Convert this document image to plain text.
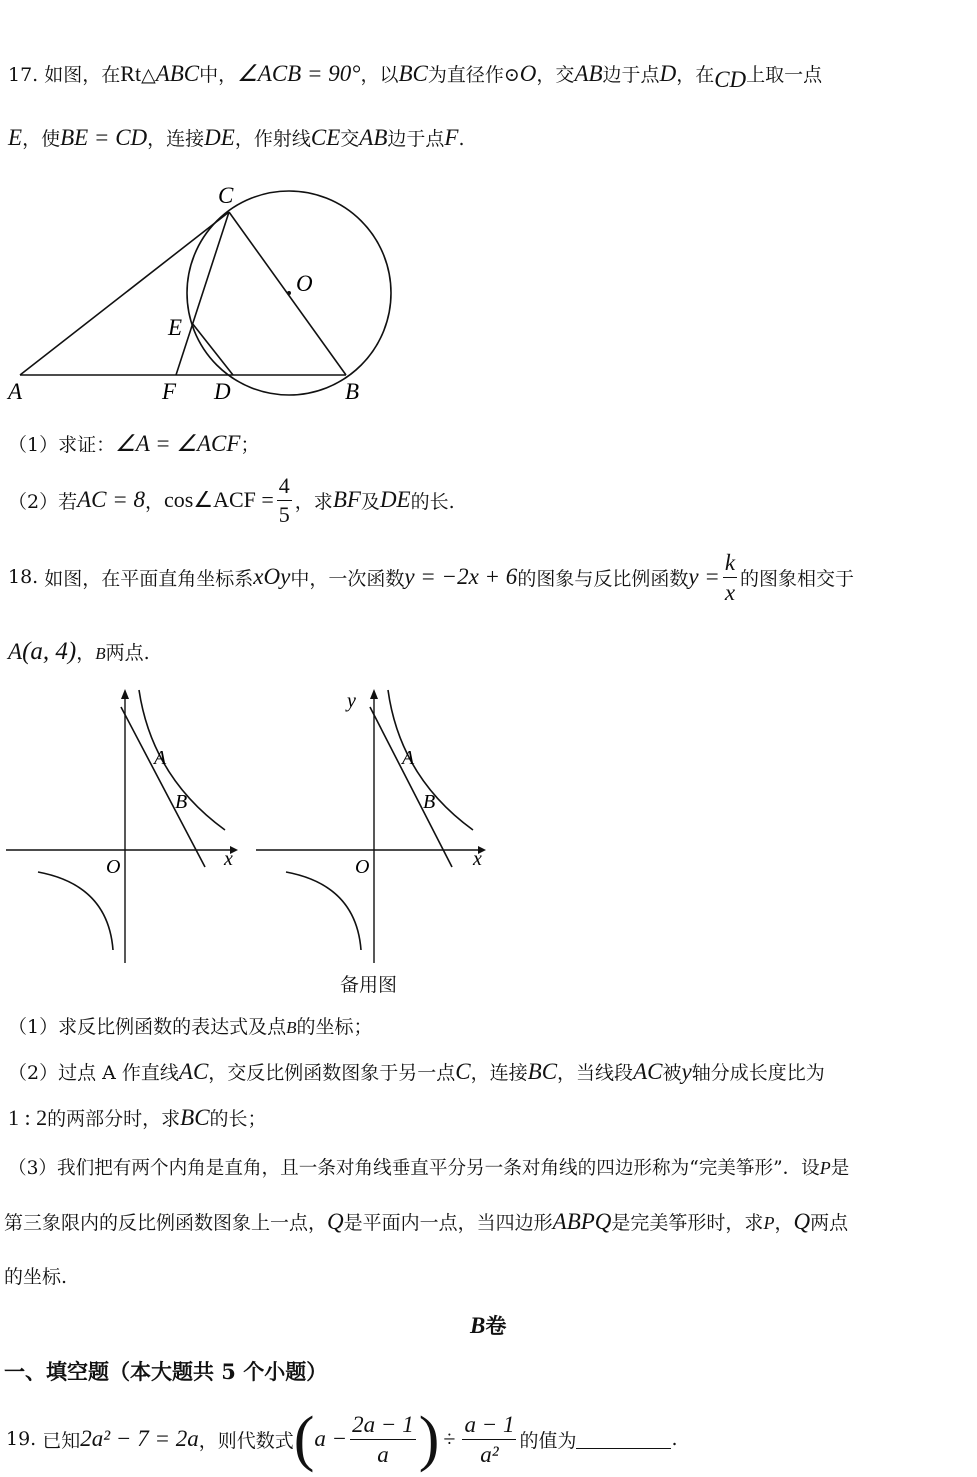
17. 如图，在Rt△ABC中，∠ACB = 90°，以BC为直径作⊙O，交AB边于点D，在CD上取一点
E，使BE = CD，连接DE，作射线CE交AB边于点F.
A	F D	B
C
E
O
（1）求证：∠A = ∠ACF；
（2）若 AC = 8 ， cos∠ACF = $\frac{4}{5}$ ，求 BF 及 DE 的长.
18.
如图，在平面直角坐标系 xOy 中，一次函数 y = −2x + 6 的图象与反比例函数 $y = \frac{k}{x}$ 的图象相交于
A(a, 4)，B两点.
A
B
O	x
y
A
B
O	x
备用图
（1）求反比例函数的表达式及点B的坐标；
（2）过点 A 作直线AC，交反比例函数图象于另一点C，连接BC，当线段AC被y轴分成长度比为
1 : 2的两部分时，求BC的长；
（3）我们把有两个内角是直角，且一条对角线垂直平分另一条对角线的四边形称为“完美筝形”．设P是
第三象限内的反比例函数图象上一点，Q是平面内一点，当四边形ABPQ是完美筝形时，求P，Q两点
的坐标.
B卷
一、填空题（本大题共 5 个小题）
19.
已知 2a² − 7 = 2a ，则代数式 ( $a - \frac{2a - 1}{a}$ ) ÷ $\frac{a - 1}{\text{a²}}$ 的值为	.
